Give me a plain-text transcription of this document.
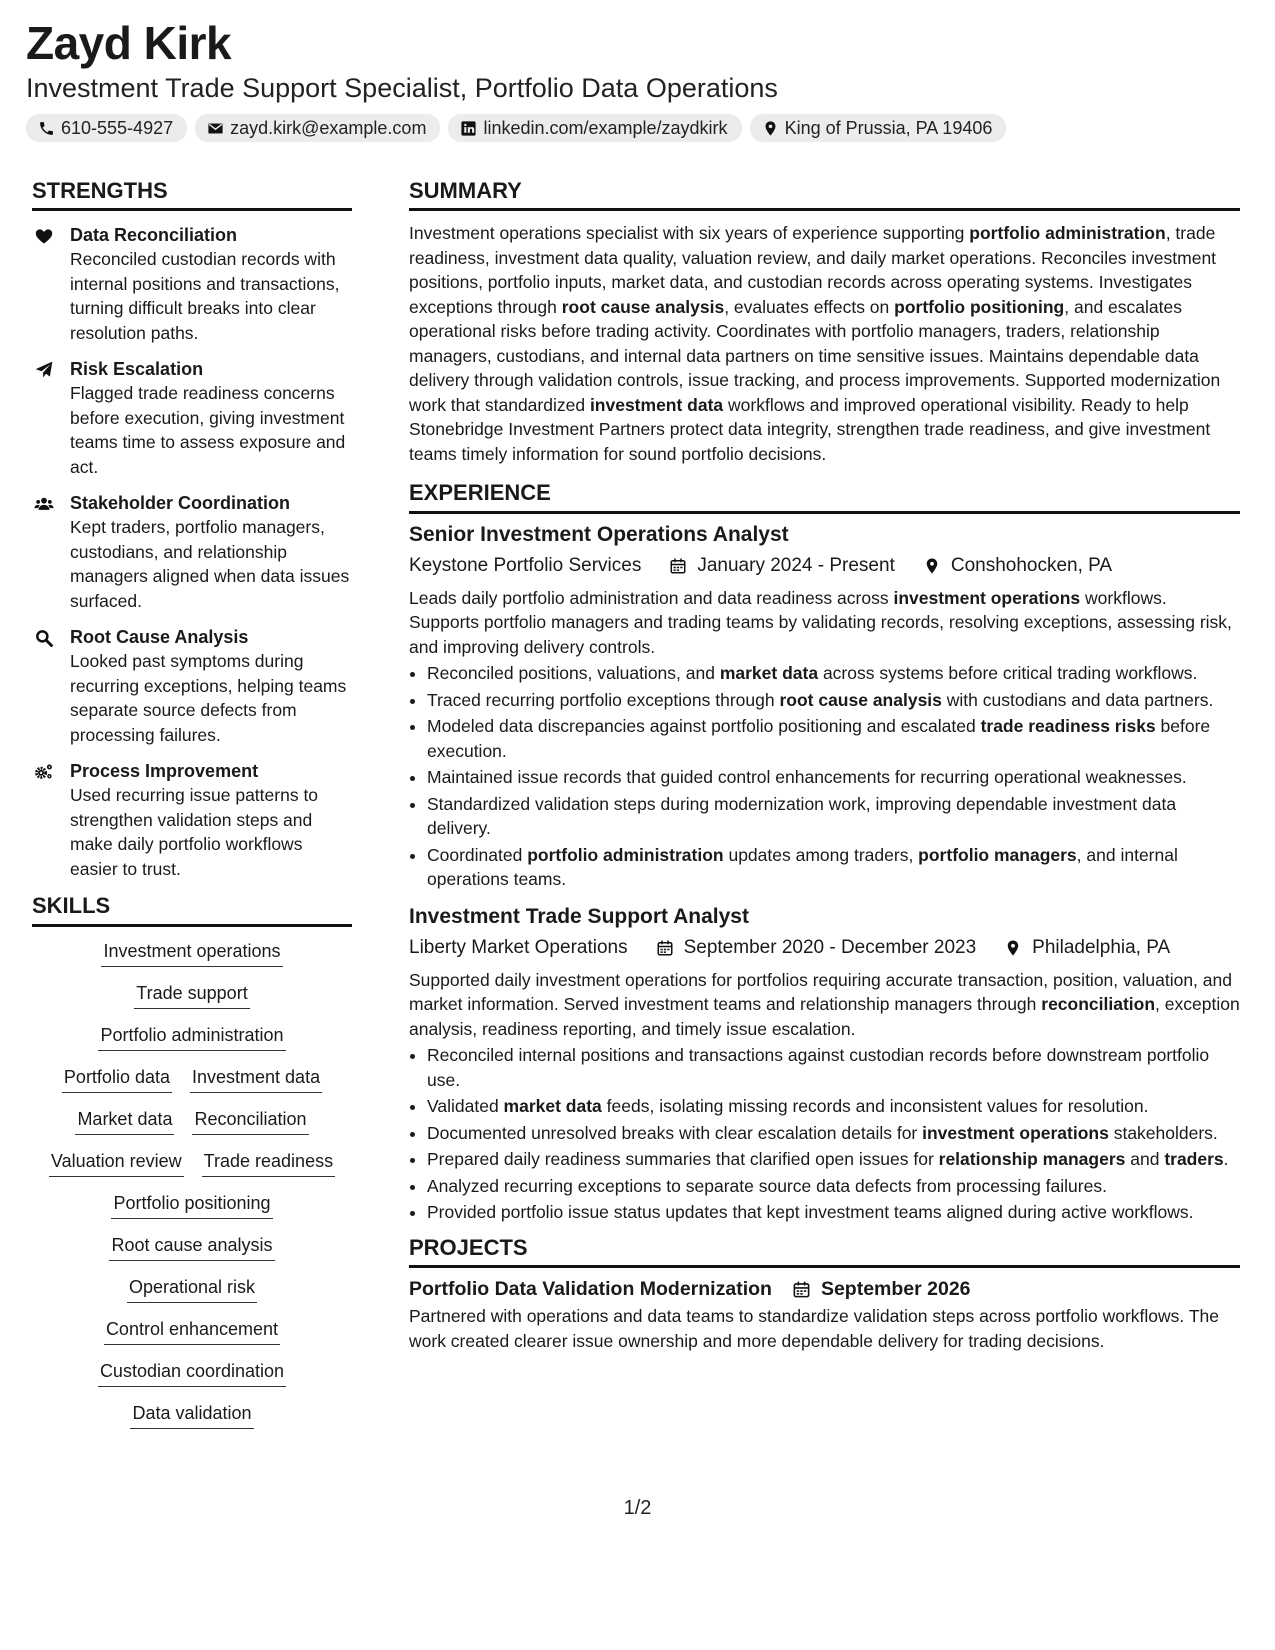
Zayd Kirk
Investment Trade Support Specialist, Portfolio Data Operations
610-555-4927	zayd.kirk@example.com	linkedin.com/example/zaydkirk	King of Prussia, PA 19406
STRENGTHS
Data Reconciliation
Reconciled custodian records with internal positions and transactions, turning difficult breaks into clear resolution paths.
Risk Escalation
Flagged trade readiness concerns before execution, giving investment teams time to assess exposure and act.
Stakeholder Coordination
Kept traders, portfolio managers, custodians, and relationship managers aligned when data issues surfaced.
Root Cause Analysis
Looked past symptoms during recurring exceptions, helping teams separate source defects from processing failures.
Process Improvement
Used recurring issue patterns to strengthen validation steps and make daily portfolio workflows easier to trust.
SKILLS
Investment operations
Trade support
Portfolio administration
Portfolio data Investment data
Market data Reconciliation
Valuation review Trade readiness
Portfolio positioning
Root cause analysis
Operational risk
Control enhancement
Custodian coordination
Data validation
SUMMARY

Investment operations specialist with six years of experience supporting portfolio administration, trade readiness, investment data quality, valuation review, and daily market operations. Reconciles investment positions, portfolio inputs, market data, and custodian records across operating systems. Investigates exceptions through root cause analysis, evaluates effects on portfolio positioning, and escalates operational risks before trading activity. Coordinates with portfolio managers, traders, relationship managers, custodians, and internal data partners on time sensitive issues. Maintains dependable data delivery through validation controls, issue tracking, and process improvements. Supported modernization work that standardized investment data workflows and improved operational visibility. Ready to help Stonebridge Investment Partners protect data integrity, strengthen trade readiness, and give investment teams timely information for sound portfolio decisions.

EXPERIENCE
Senior Investment Operations Analyst
Keystone Portfolio Services	January 2024 - Present	Conshohocken, PA

Leads daily portfolio administration and data readiness across investment operations workflows. Supports portfolio managers and trading teams by validating records, resolving exceptions, assessing risk, and improving delivery controls.

• Reconciled positions, valuations, and market data across systems before critical trading workflows.
• Traced recurring portfolio exceptions through root cause analysis with custodians and data partners.
• Modeled data discrepancies against portfolio positioning and escalated trade readiness risks before execution.
• Maintained issue records that guided control enhancements for recurring operational weaknesses.
• Standardized validation steps during modernization work, improving dependable investment data delivery.
• Coordinated portfolio administration updates among traders, portfolio managers, and internal operations teams.
Investment Trade Support Analyst
Liberty Market Operations	September 2020 - December 2023	Philadelphia, PA

Supported daily investment operations for portfolios requiring accurate transaction, position, valuation, and market information. Served investment teams and relationship managers through reconciliation, exception analysis, readiness reporting, and timely issue escalation.

• Reconciled internal positions and transactions against custodian records before downstream portfolio use.
• Validated market data feeds, isolating missing records and inconsistent values for resolution.
• Documented unresolved breaks with clear escalation details for investment operations stakeholders.
• Prepared daily readiness summaries that clarified open issues for relationship managers and traders.
• Analyzed recurring exceptions to separate source data defects from processing failures.
• Provided portfolio issue status updates that kept investment teams aligned during active workflows.
PROJECTS
Portfolio Data Validation Modernization	September 2026

Partnered with operations and data teams to standardize validation steps across portfolio workflows. The work created clearer issue ownership and more dependable delivery for trading decisions.

1/2
